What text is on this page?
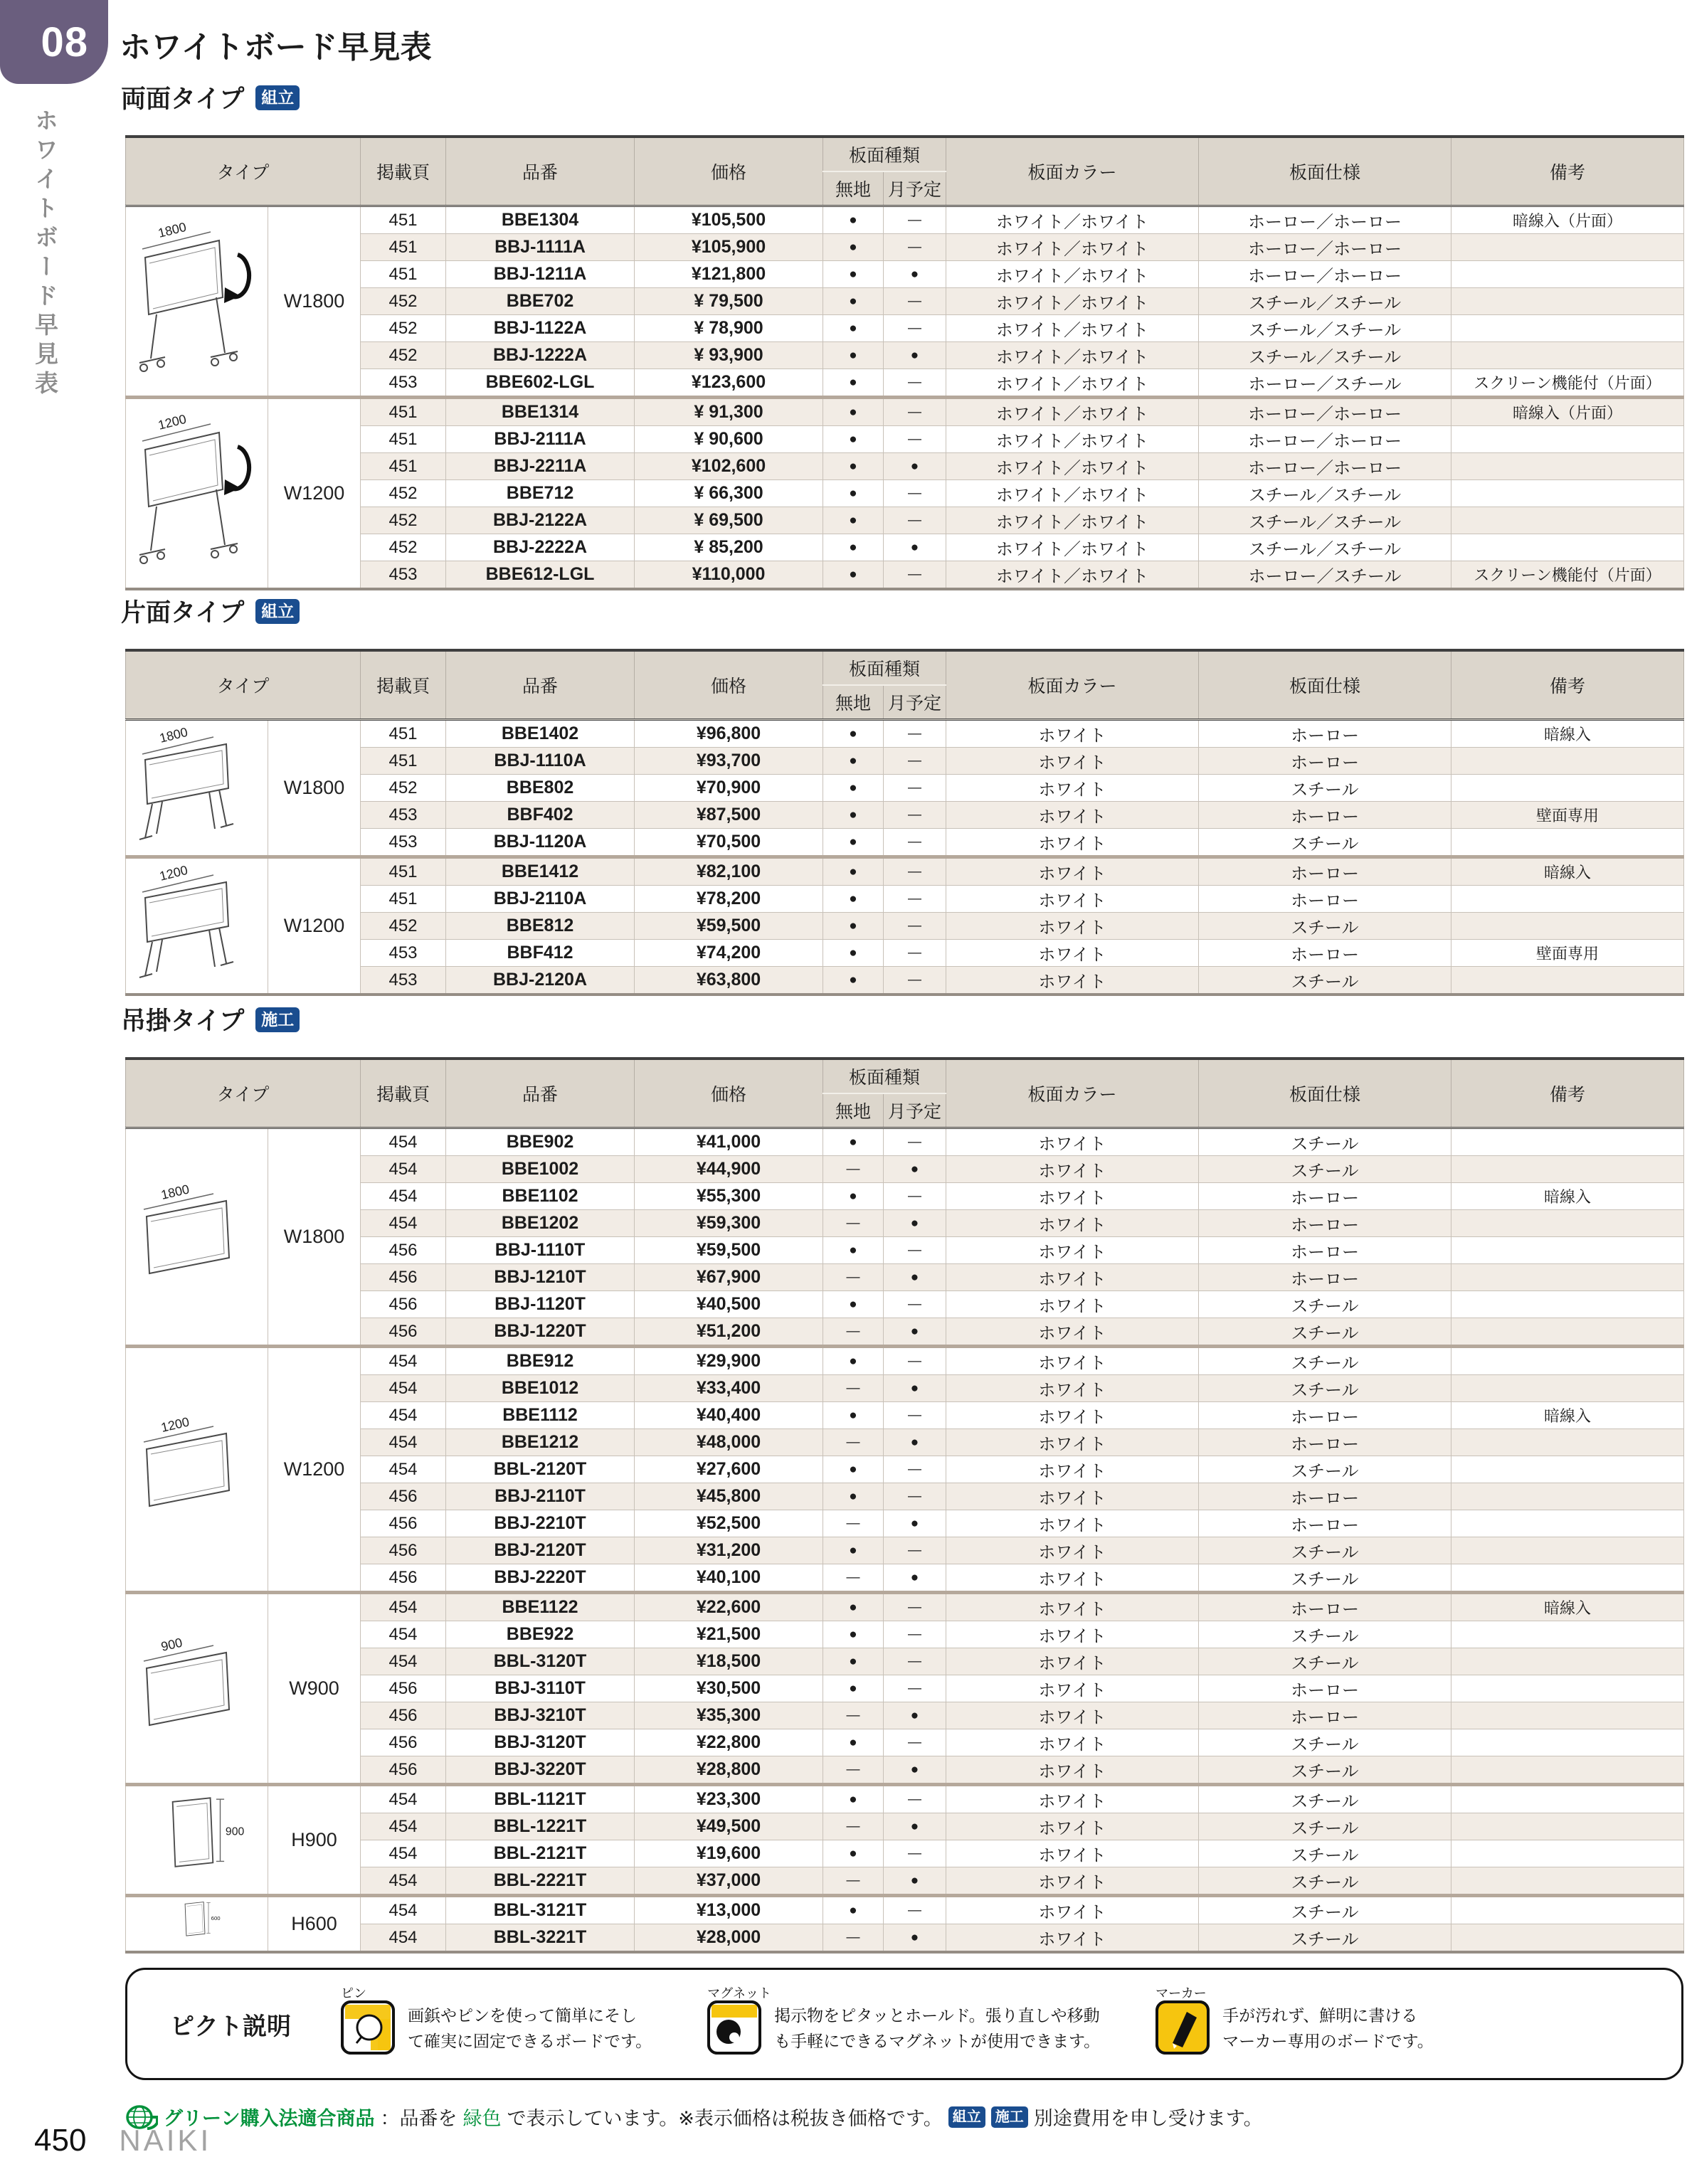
08 ホワイトボード早見表
ホワイトボード早見表
両面タイプ	組立
タイプ		掲載頁	品番	価格	板面種類		板面カラー	板面仕様	備考
					無地	月予定			

1800	W1800	451	BBE1304	¥105,500	●	—	ホワイト／ホワイト	ホーロー／ホーロー	暗線入（片面）
		451	BBJ-1111A	¥105,900	●	—	ホワイト／ホワイト	ホーロー／ホーロー	
		451	BBJ-1211A	¥121,800	●	●	ホワイト／ホワイト	ホーロー／ホーロー	
		452	BBE702	¥ 79,500	●	—	ホワイト／ホワイト	スチール／スチール	
		452	BBJ-1122A	¥ 78,900	●	—	ホワイト／ホワイト	スチール／スチール	
		452	BBJ-1222A	¥ 93,900	●	●	ホワイト／ホワイト	スチール／スチール	
		453	BBE602-LGL	¥123,600	●	—	ホワイト／ホワイト	ホーロー／スチール	スクリーン機能付（片面）

1200	W1200	451	BBE1314	¥ 91,300	●	—	ホワイト／ホワイト	ホーロー／ホーロー	暗線入（片面）
		451	BBJ-2111A	¥ 90,600	●	—	ホワイト／ホワイト	ホーロー／ホーロー	
		451	BBJ-2211A	¥102,600	●	●	ホワイト／ホワイト	ホーロー／ホーロー	
		452	BBE712	¥ 66,300	●	—	ホワイト／ホワイト	スチール／スチール	
		452	BBJ-2122A	¥ 69,500	●	—	ホワイト／ホワイト	スチール／スチール	
		452	BBJ-2222A	¥ 85,200	●	●	ホワイト／ホワイト	スチール／スチール	
		453	BBE612-LGL	¥110,000	●	—	ホワイト／ホワイト	ホーロー／スチール	スクリーン機能付（片面）
片面タイプ	組立
タイプ		掲載頁	品番	価格	板面種類		板面カラー	板面仕様	備考
					無地	月予定			

1800	W1800	451	BBE1402	¥96,800	●	—	ホワイト	ホーロー	暗線入
		451	BBJ-1110A	¥93,700	●	—	ホワイト	ホーロー	
		452	BBE802	¥70,900	●	—	ホワイト	スチール	
		453	BBF402	¥87,500	●	—	ホワイト	ホーロー	壁面専用
		453	BBJ-1120A	¥70,500	●	—	ホワイト	スチール	

1200	W1200	451	BBE1412	¥82,100	●	—	ホワイト	ホーロー	暗線入
		451	BBJ-2110A	¥78,200	●	—	ホワイト	ホーロー	
		452	BBE812	¥59,500	●	—	ホワイト	スチール	
		453	BBF412	¥74,200	●	—	ホワイト	ホーロー	壁面専用
		453	BBJ-2120A	¥63,800	●	—	ホワイト	スチール	
吊掛タイプ	施工
タイプ		掲載頁	品番	価格	板面種類		板面カラー	板面仕様	備考
					無地	月予定			

1800	W1800	454	BBE902	¥41,000	●	—	ホワイト	スチール	
		454	BBE1002	¥44,900	—	●	ホワイト	スチール	
		454	BBE1102	¥55,300	●	—	ホワイト	ホーロー	暗線入
		454	BBE1202	¥59,300	—	●	ホワイト	ホーロー	
		456	BBJ-1110T	¥59,500	●	—	ホワイト	ホーロー	
		456	BBJ-1210T	¥67,900	—	●	ホワイト	ホーロー	
		456	BBJ-1120T	¥40,500	●	—	ホワイト	スチール	
		456	BBJ-1220T	¥51,200	—	●	ホワイト	スチール	

1200	W1200	454	BBE912	¥29,900	●	—	ホワイト	スチール	
		454	BBE1012	¥33,400	—	●	ホワイト	スチール	
		454	BBE1112	¥40,400	●	—	ホワイト	ホーロー	暗線入
		454	BBE1212	¥48,000	—	●	ホワイト	ホーロー	
		454	BBL-2120T	¥27,600	●	—	ホワイト	スチール	
		456	BBJ-2110T	¥45,800	●	—	ホワイト	ホーロー	
		456	BBJ-2210T	¥52,500	—	●	ホワイト	ホーロー	
		456	BBJ-2120T	¥31,200	●	—	ホワイト	スチール	
		456	BBJ-2220T	¥40,100	—	●	ホワイト	スチール	

900	W900	454	BBE1122	¥22,600	●	—	ホワイト	ホーロー	暗線入
		454	BBE922	¥21,500	●	—	ホワイト	スチール	
		454	BBL-3120T	¥18,500	●	—	ホワイト	スチール	
		456	BBJ-3110T	¥30,500	●	—	ホワイト	ホーロー	
		456	BBJ-3210T	¥35,300	—	●	ホワイト	ホーロー	
		456	BBJ-3120T	¥22,800	●	—	ホワイト	スチール	
		456	BBJ-3220T	¥28,800	—	●	ホワイト	スチール	

900	H900	454	BBL-1121T	¥23,300	●	—	ホワイト	スチール	
		454	BBL-1221T	¥49,500	—	●	ホワイト	スチール	
		454	BBL-2121T	¥19,600	●	—	ホワイト	スチール	
		454	BBL-2221T	¥37,000	—	●	ホワイト	スチール	

600	H600	454	BBL-3121T	¥13,000	●	—	ホワイト	スチール	
		454	BBL-3221T	¥28,000	—	●	ホワイト	スチール	
ピクト説明
ピン
画鋲やピンを使って簡単にそし
て確実に固定できるボードです。
マグネット
掲示物をピタッとホールド。張り直しや移動
も手軽にできるマグネットが使用できます。
マーカー
手が汚れず、鮮明に書ける
マーカー専用のボードです。
グリーン購入法適合商品 ：品番を 緑色 で表示しています。※表示価格は税抜き価格です。 組立	施工 別途費用を申し受けます。
450 NAIKI
